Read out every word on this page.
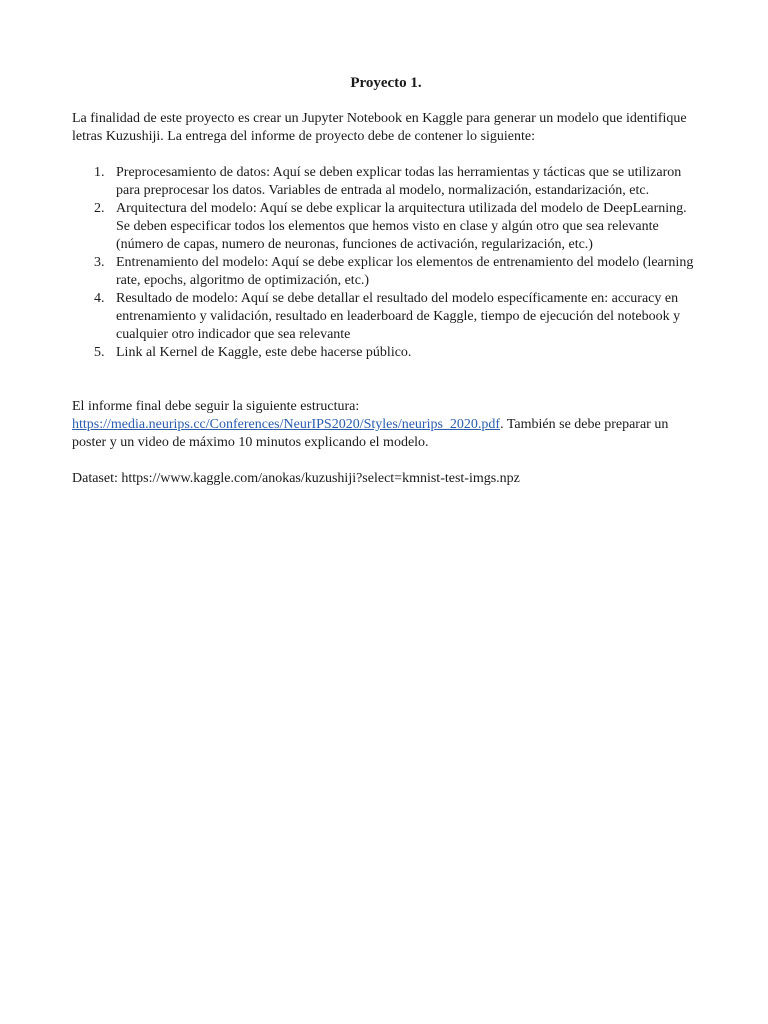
Proyecto 1.

La finalidad de este proyecto es crear un Jupyter Notebook en Kaggle para generar un modelo que identifique letras Kuzushiji. La entrega del informe de proyecto debe de contener lo siguiente:

1. Preprocesamiento de datos: Aquí se deben explicar todas las herramientas y tácticas que se utilizaron para preprocesar los datos. Variables de entrada al modelo, normalización, estandarización, etc.
2. Arquitectura del modelo: Aquí se debe explicar la arquitectura utilizada del modelo de DeepLearning. Se deben especificar todos los elementos que hemos visto en clase y algún otro que sea relevante (número de capas, numero de neuronas, funciones de activación, regularización, etc.)
3. Entrenamiento del modelo: Aquí se debe explicar los elementos de entrenamiento del modelo (learning rate, epochs, algoritmo de optimización, etc.)
4. Resultado de modelo: Aquí se debe detallar el resultado del modelo específicamente en: accuracy en entrenamiento y validación, resultado en leaderboard de Kaggle, tiempo de ejecución del notebook y cualquier otro indicador que sea relevante
5. Link al Kernel de Kaggle, este debe hacerse público.

El informe final debe seguir la siguiente estructura:
https://media.neurips.cc/Conferences/NeurIPS2020/Styles/neurips_2020.pdf. También se debe preparar un poster y un video de máximo 10 minutos explicando el modelo.

Dataset: https://www.kaggle.com/anokas/kuzushiji?select=kmnist-test-imgs.npz
